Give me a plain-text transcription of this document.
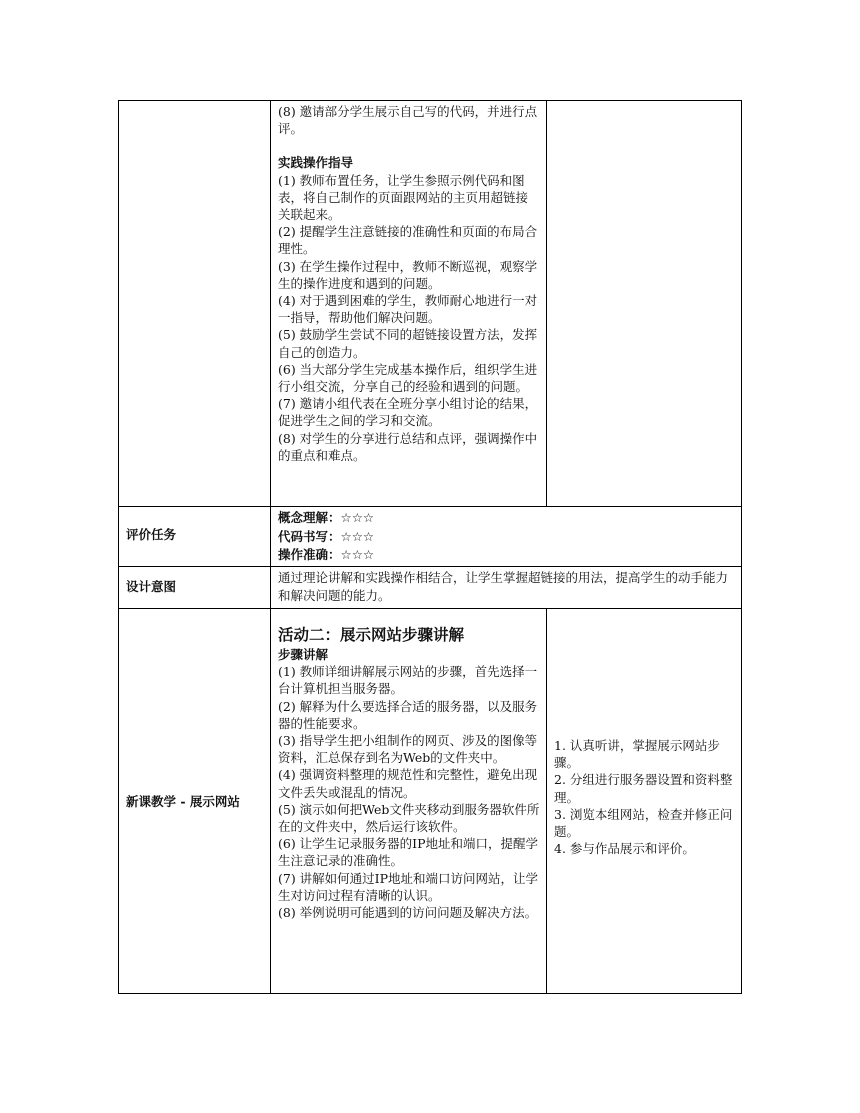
(8) 邀请部分学生展示自己写的代码，并进行点评。

实践操作指导

(1) 教师布置任务，让学生参照示例代码和图表，将自己制作的页面跟网站的主页用超链接关联起来。

(2) 提醒学生注意链接的准确性和页面的布局合理性。

(3) 在学生操作过程中，教师不断巡视，观察学生的操作进度和遇到的问题。

(4) 对于遇到困难的学生，教师耐心地进行一对一指导，帮助他们解决问题。

(5) 鼓励学生尝试不同的超链接设置方法，发挥自己的创造力。

(6) 当大部分学生完成基本操作后，组织学生进行小组交流，分享自己的经验和遇到的问题。

(7) 邀请小组代表在全班分享小组讨论的结果，促进学生之间的学习和交流。

(8) 对学生的分享进行总结和点评，强调操作中的重点和难点。

评价任务

概念理解：☆☆☆

代码书写：☆☆☆

操作准确：☆☆☆

设计意图
通过理论讲解和实践操作相结合，让学生掌握超链接的用法，提高学生的动手能力和解决问题的能力。
新课教学 - 展示网站

活动二：展示网站步骤讲解

步骤讲解

(1) 教师详细讲解展示网站的步骤，首先选择一台计算机担当服务器。

(2) 解释为什么要选择合适的服务器，以及服务器的性能要求。

(3) 指导学生把小组制作的网页、涉及的图像等资料，汇总保存到名为Web的文件夹中。

(4) 强调资料整理的规范性和完整性，避免出现文件丢失或混乱的情况。

(5) 演示如何把Web文件夹移动到服务器软件所在的文件夹中，然后运行该软件。

(6) 让学生记录服务器的IP地址和端口，提醒学生注意记录的准确性。

(7) 讲解如何通过IP地址和端口访问网站，让学生对访问过程有清晰的认识。

(8) 举例说明可能遇到的访问问题及解决方法。

1. 认真听讲，掌握展示网站步骤。

2. 分组进行服务器设置和资料整理。

3. 浏览本组网站，检查并修正问题。

4. 参与作品展示和评价。
